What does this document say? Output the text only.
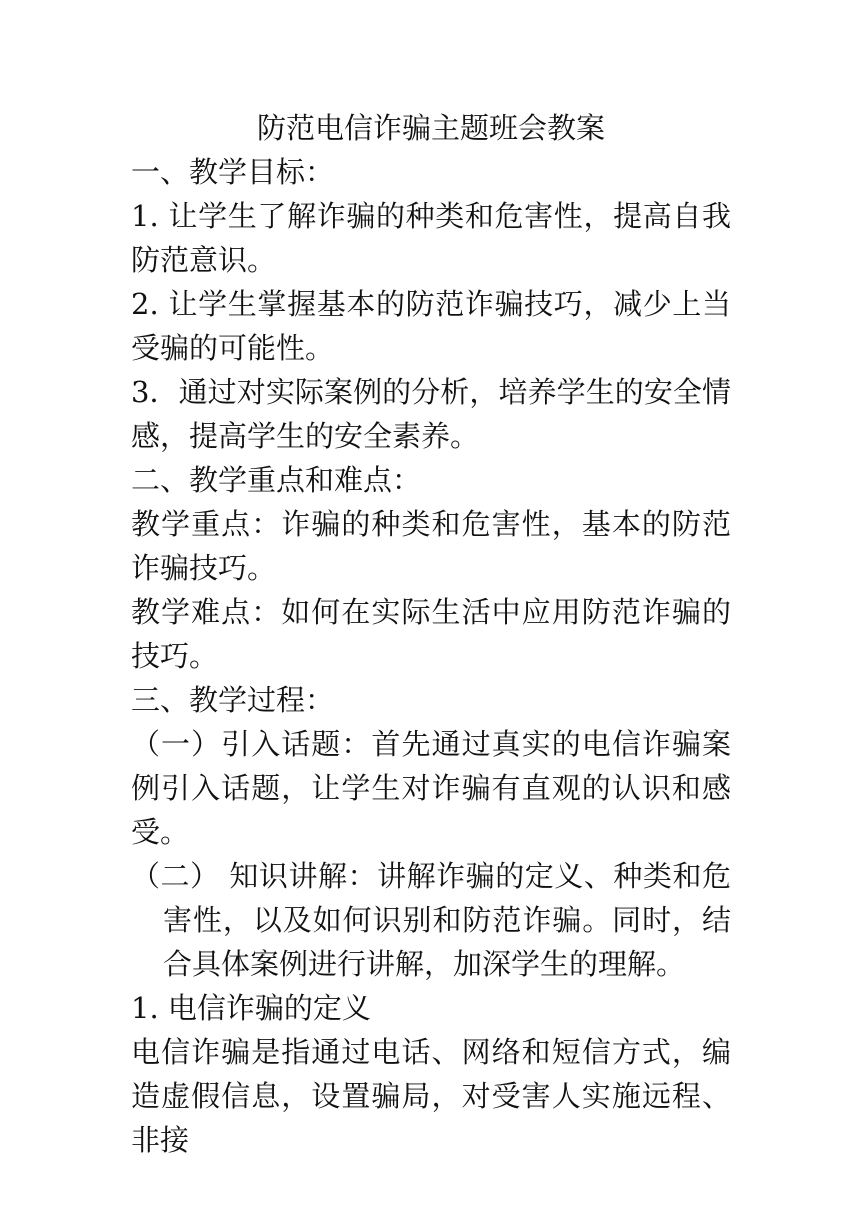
防范电信诈骗主题班会教案
一、教学目标：
1. 让学生了解诈骗的种类和危害性，提高自我防范意识。
2. 让学生掌握基本的防范诈骗技巧，减少上当受骗的可能性。
3．通过对实际案例的分析，培养学生的安全情感，提高学生的安全素养。
二、教学重点和难点：
教学重点：诈骗的种类和危害性，基本的防范诈骗技巧。
教学难点：如何在实际生活中应用防范诈骗的技巧。
三、教学过程：
（一）引入话题：首先通过真实的电信诈骗案例引入话题，让学生对诈骗有直观的认识和感受。
（二） 知识讲解：讲解诈骗的定义、种类和危害性，以及如何识别和防范诈骗。同时，结合具体案例进行讲解，加深学生的理解。
1. 电信诈骗的定义
电信诈骗是指通过电话、网络和短信方式，编造虚假信息，设置骗局，对受害人实施远程、非接
